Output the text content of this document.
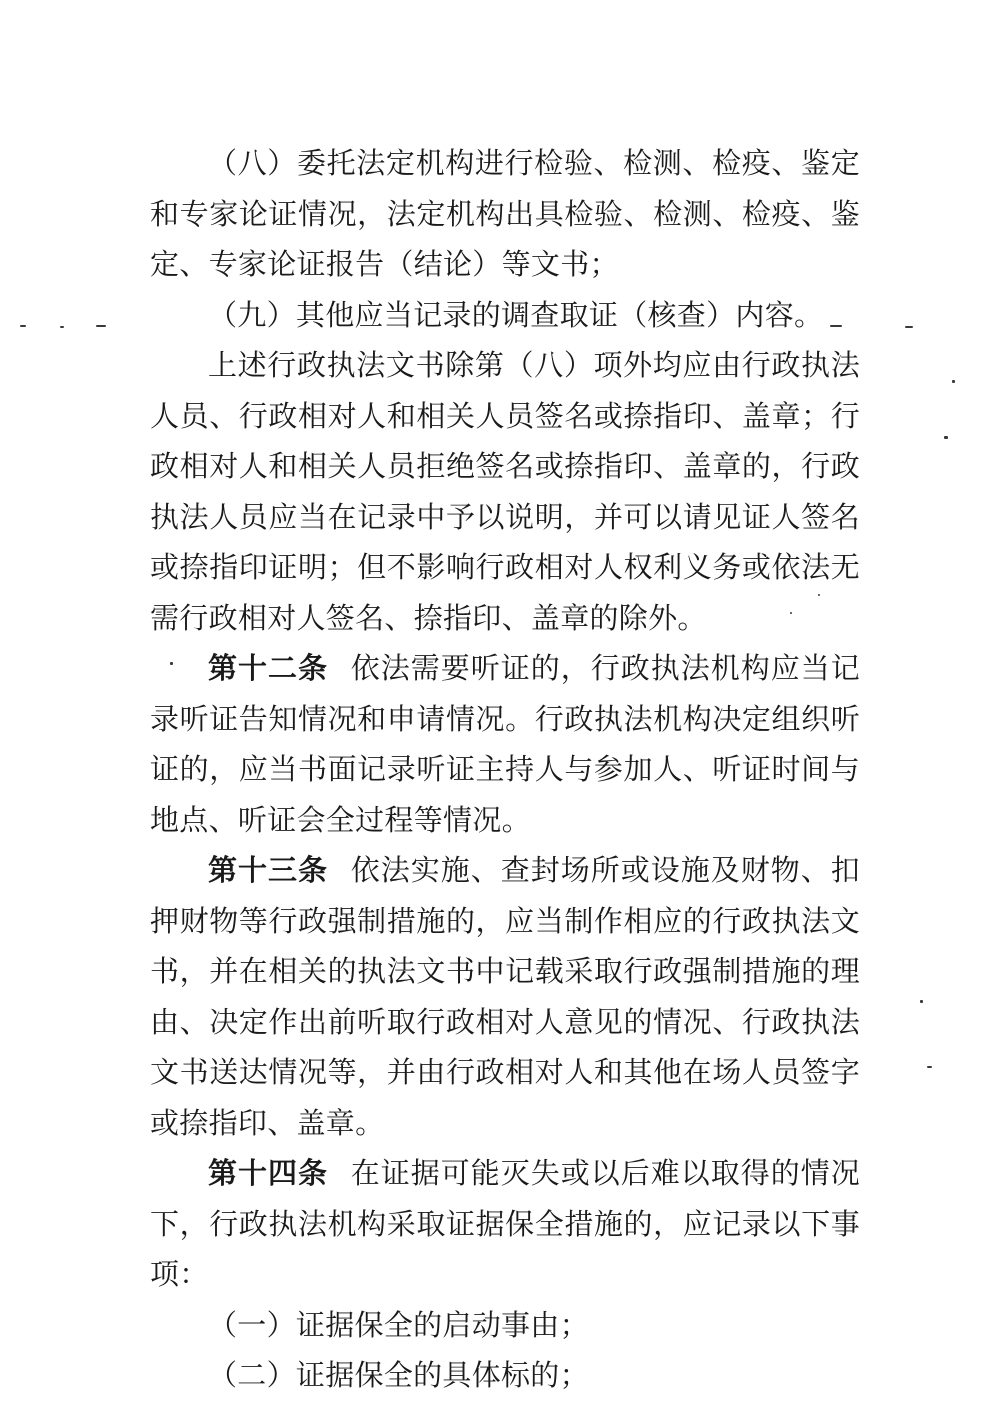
（八）委托法定机构进行检验、检测、检疫、鉴定和专家论证情况，法定机构出具检验、检测、检疫、鉴定、专家论证报告（结论）等文书；

（九）其他应当记录的调查取证（核查）内容。

上述行政执法文书除第（八）项外均应由行政执法人员、行政相对人和相关人员签名或捺指印、盖章；行政相对人和相关人员拒绝签名或捺指印、盖章的，行政执法人员应当在记录中予以说明，并可以请见证人签名或捺指印证明；但不影响行政相对人权利义务或依法无需行政相对人签名、捺指印、盖章的除外。

第十二条 依法需要听证的，行政执法机构应当记录听证告知情况和申请情况。行政执法机构决定组织听证的，应当书面记录听证主持人与参加人、听证时间与地点、听证会全过程等情况。

第十三条 依法实施、查封场所或设施及财物、扣押财物等行政强制措施的，应当制作相应的行政执法文书，并在相关的执法文书中记载采取行政强制措施的理由、决定作出前听取行政相对人意见的情况、行政执法文书送达情况等，并由行政相对人和其他在场人员签字或捺指印、盖章。

第十四条 在证据可能灭失或以后难以取得的情况下，行政执法机构采取证据保全措施的，应记录以下事项：

（一）证据保全的启动事由；

（二）证据保全的具体标的；
